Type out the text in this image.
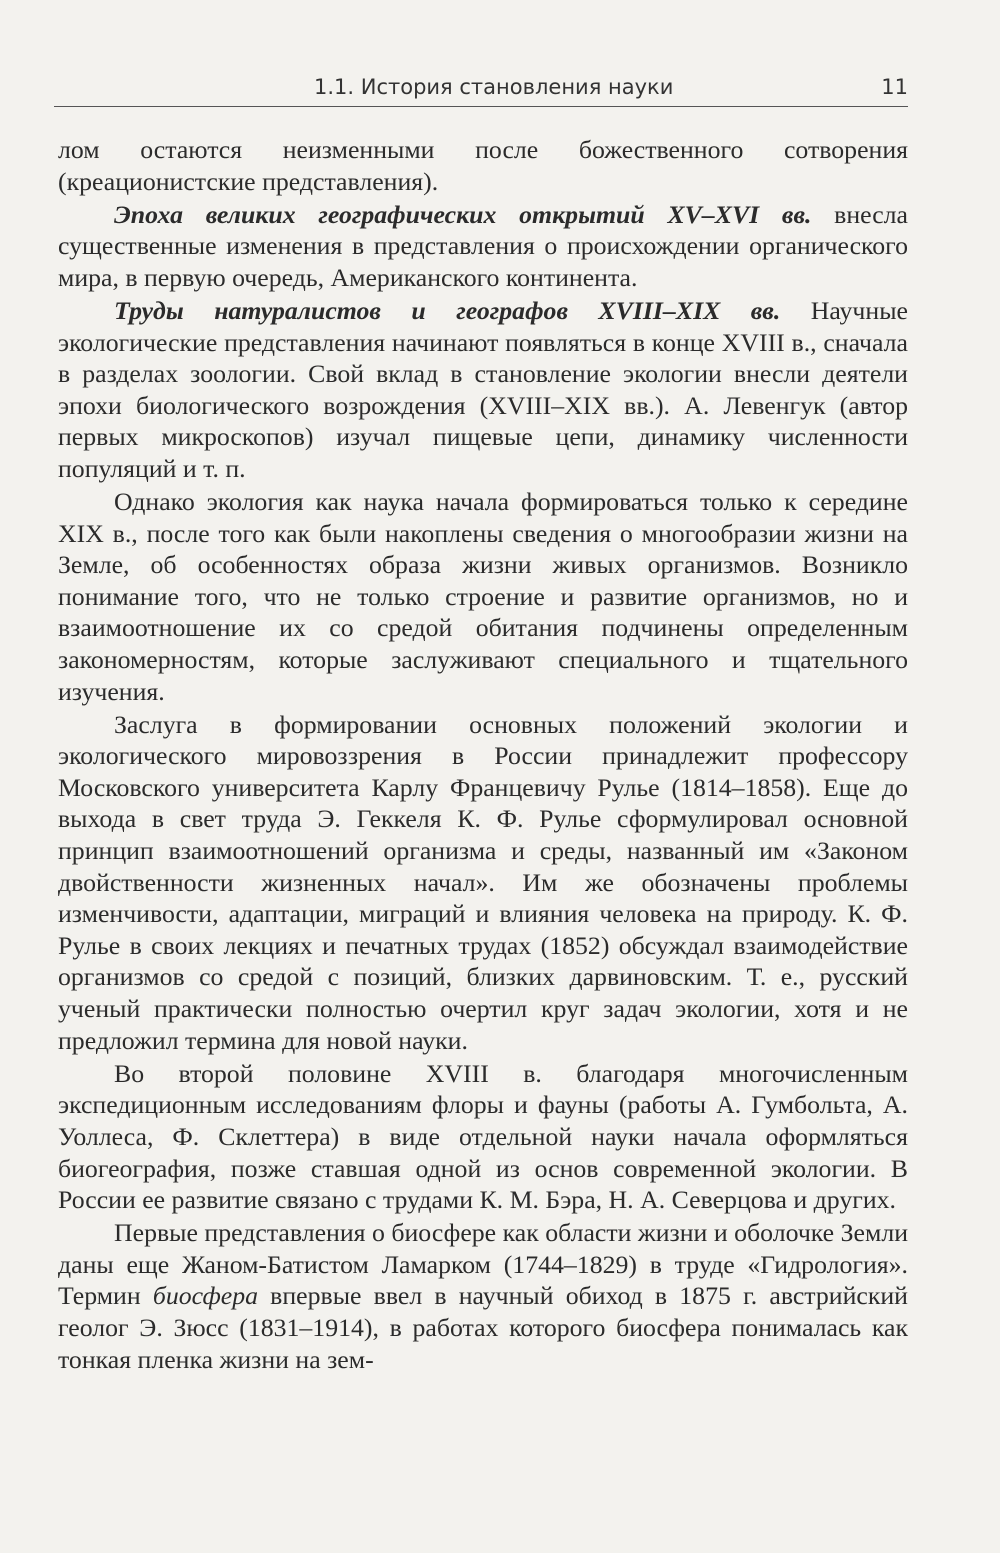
1.1. История становления науки	11

лом остаются неизменными после божественного сотворения (креационистские представления).

Эпоха великих географических открытий XV–XVI вв. внесла существенные изменения в представления о происхождении органического мира, в первую очередь, Американского континента.

Труды натуралистов и географов XVIII–XIX вв. Научные экологические представления начинают появляться в конце XVIII в., сначала в разделах зоологии. Свой вклад в становление экологии внесли деятели эпохи биологического возрождения (XVIII–XIX вв.). А. Левенгук (автор первых микроскопов) изучал пищевые цепи, динамику численности популяций и т. п.

Однако экология как наука начала формироваться только к середине XIX в., после того как были накоплены сведения о многообразии жизни на Земле, об особенностях образа жизни живых организмов. Возникло понимание того, что не только строение и развитие организмов, но и взаимоотношение их со средой обитания подчинены определенным закономерностям, которые заслуживают специального и тщательного изучения.

Заслуга в формировании основных положений экологии и экологического мировоззрения в России принадлежит профессору Московского университета Карлу Францевичу Рулье (1814–1858). Еще до выхода в свет труда Э. Геккеля К. Ф. Рулье сформулировал основной принцип взаимоотношений организма и среды, названный им «Законом двойственности жизненных начал». Им же обозначены проблемы изменчивости, адаптации, миграций и влияния человека на природу. К. Ф. Рулье в своих лекциях и печатных трудах (1852) обсуждал взаимодействие организмов со средой с позиций, близких дарвиновским. Т. е., русский ученый практически полностью очертил круг задач экологии, хотя и не предложил термина для новой науки.

Во второй половине XVIII в. благодаря многочисленным экспедиционным исследованиям флоры и фауны (работы А. Гумбольта, А. Уоллеса, Ф. Склеттера) в виде отдельной науки начала оформляться биогеография, позже ставшая одной из основ современной экологии. В России ее развитие связано с трудами К. М. Бэра, Н. А. Северцова и других.

Первые представления о биосфере как области жизни и оболочке Земли даны еще Жаном-Батистом Ламарком (1744–1829) в труде «Гидрология». Термин биосфера впервые ввел в научный обиход в 1875 г. австрийский геолог Э. Зюсс (1831–1914), в работах которого биосфера понималась как тонкая пленка жизни на зем-
